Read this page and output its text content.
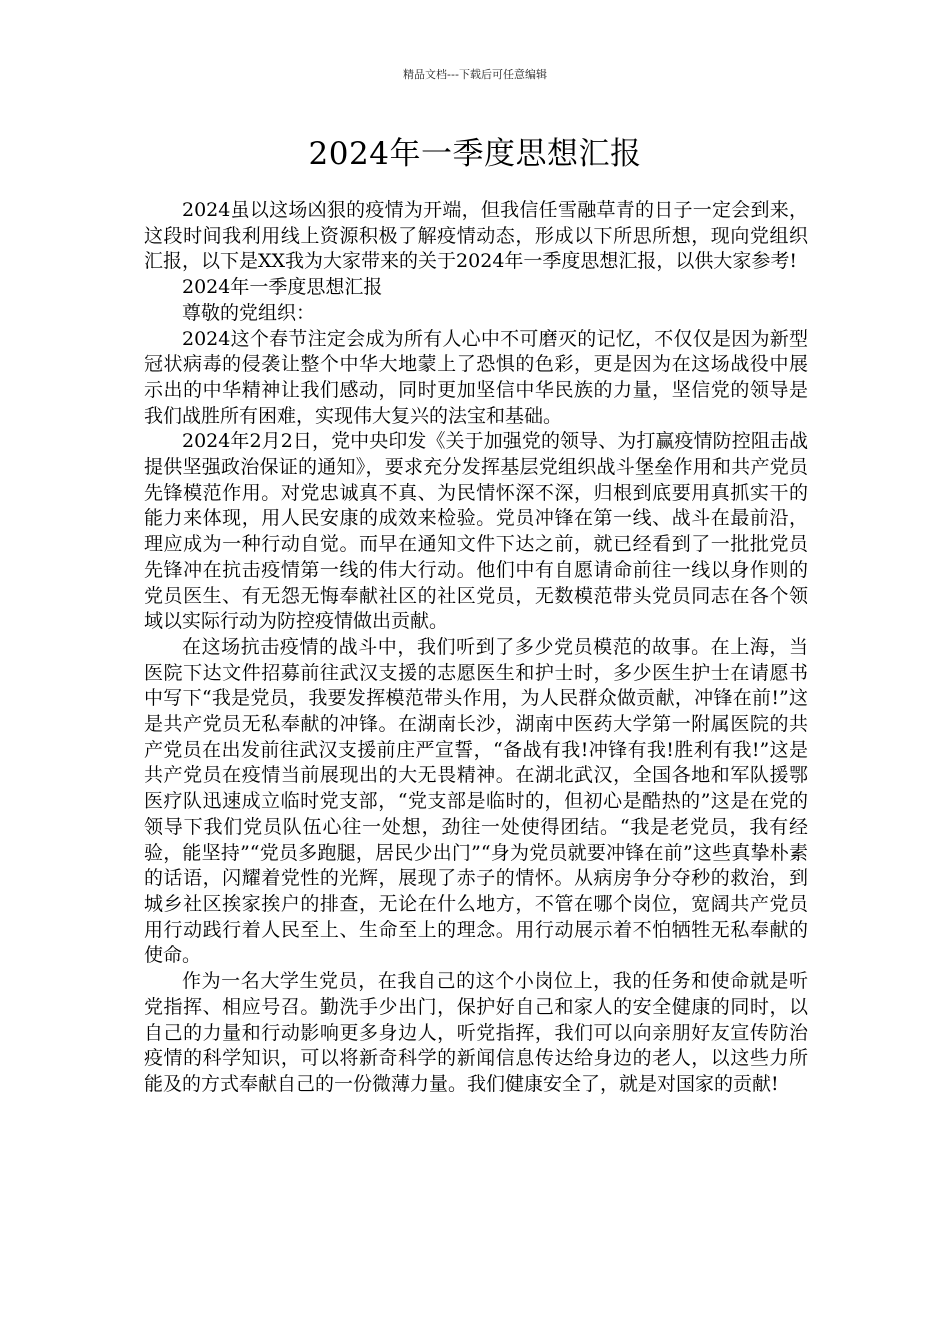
精品文档---下载后可任意编辑
2024年一季度思想汇报

2024虽以这场凶狠的疫情为开端，但我信任雪融草青的日子一定会到来，这段时间我利用线上资源积极了解疫情动态，形成以下所思所想，现向党组织汇报，以下是XX我为大家带来的关于2024年一季度思想汇报，以供大家参考!

2024年一季度思想汇报

尊敬的党组织：

2024这个春节注定会成为所有人心中不可磨灭的记忆，不仅仅是因为新型冠状病毒的侵袭让整个中华大地蒙上了恐惧的色彩，更是因为在这场战役中展示出的中华精神让我们感动，同时更加坚信中华民族的力量，坚信党的领导是我们战胜所有困难，实现伟大复兴的法宝和基础。

2024年2月2日，党中央印发《关于加强党的领导、为打赢疫情防控阻击战提供坚强政治保证的通知》，要求充分发挥基层党组织战斗堡垒作用和共产党员先锋模范作用。对党忠诚真不真、为民情怀深不深，归根到底要用真抓实干的能力来体现，用人民安康的成效来检验。党员冲锋在第一线、战斗在最前沿，理应成为一种行动自觉。而早在通知文件下达之前，就已经看到了一批批党员先锋冲在抗击疫情第一线的伟大行动。他们中有自愿请命前往一线以身作则的党员医生、有无怨无悔奉献社区的社区党员，无数模范带头党员同志在各个领域以实际行动为防控疫情做出贡献。

在这场抗击疫情的战斗中，我们听到了多少党员模范的故事。在上海，当医院下达文件招募前往武汉支援的志愿医生和护士时，多少医生护士在请愿书中写下“我是党员，我要发挥模范带头作用，为人民群众做贡献，冲锋在前!”这是共产党员无私奉献的冲锋。在湖南长沙，湖南中医药大学第一附属医院的共产党员在出发前往武汉支援前庄严宣誓，“备战有我!冲锋有我!胜利有我!”这是共产党员在疫情当前展现出的大无畏精神。在湖北武汉，全国各地和军队援鄂医疗队迅速成立临时党支部，“党支部是临时的，但初心是酷热的”这是在党的领导下我们党员队伍心往一处想，劲往一处使得团结。“我是老党员，我有经验，能坚持”“党员多跑腿，居民少出门”“身为党员就要冲锋在前”这些真挚朴素的话语，闪耀着党性的光辉，展现了赤子的情怀。从病房争分夺秒的救治，到城乡社区挨家挨户的排查，无论在什么地方，不管在哪个岗位，宽阔共产党员用行动践行着人民至上、生命至上的理念。用行动展示着不怕牺牲无私奉献的使命。

作为一名大学生党员，在我自己的这个小岗位上，我的任务和使命就是听党指挥、相应号召。勤洗手少出门，保护好自己和家人的安全健康的同时，以自己的力量和行动影响更多身边人，听党指挥，我们可以向亲朋好友宣传防治疫情的科学知识，可以将新奇科学的新闻信息传达给身边的老人，以这些力所能及的方式奉献自己的一份微薄力量。我们健康安全了，就是对国家的贡献!
